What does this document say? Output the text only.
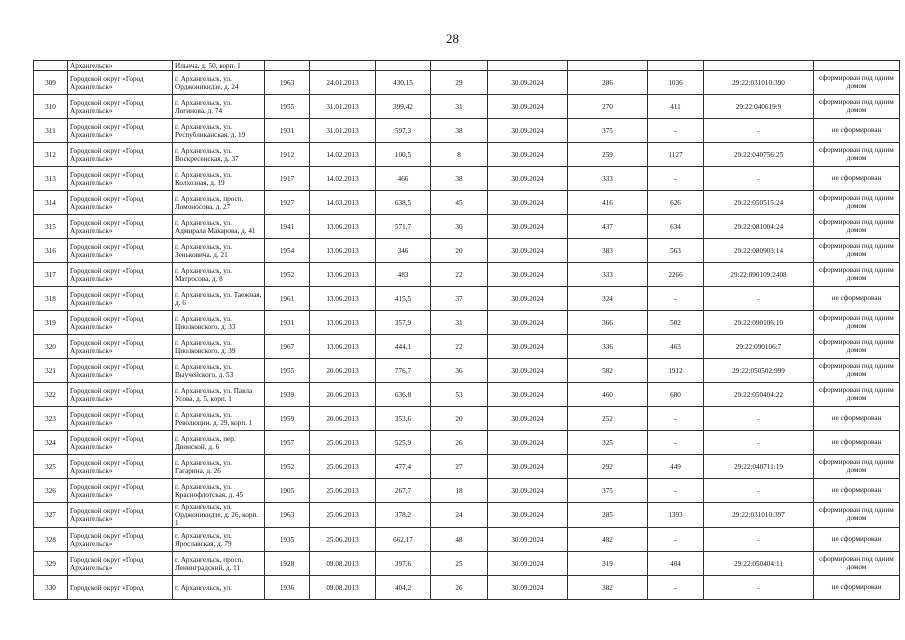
28
	Архангельск»	Ильича, д. 50, корп. 1									
309	Городской округ «Город Архангельск»	г. Архангельск, ул. Орджоникидзе, д. 24	1963	24.01.2013	430,15	29	30.09.2024	286	1036	29:22:031010:390	сформирован под одним домом
310	Городской округ «Город Архангельск»	г. Архангельск, ул. Логинова, д. 74	1955	31.01.2013	399,42	31	30.09.2024	270	411	29:22:040619:9	сформирован под одним домом
311	Городской округ «Город Архангельск»	г. Архангельск, ул. Республиканская, д. 19	1931	31.01.2013	597,3	38	30.09.2024	375	-	-	не сформирован
312	Городской округ «Город Архангельск»	г. Архангельск, ул. Воскресенская, д. 37	1912	14.02.2013	100,5	8	30.09.2024	259	1127	29:22:040756:25	сформирован под одним домом
313	Городской округ «Город Архангельск»	г. Архангельск, ул. Колхозная, д. 19	1917	14.02.2013	466	38	30.09.2024	333	-	-	не сформирован
314	Городской округ «Город Архангельск»	г. Архангельск, просп. Ломоносова, д. 27	1927	14.03.2013	638,5	45	30.09.2024	416	626	29:22:050515:24	сформирован под одним домом
315	Городской округ «Город Архангельск»	г. Архангельск, ул. Адмирала Макарова, д. 41	1941	13.06.2013	571,7	30	30.09.2024	437	634	29:22:081004:24	сформирован под одним домом
316	Городской округ «Город Архангельск»	г. Архангельск, ул. Зеньковича, д. 21	1954	13.06.2013	346	20	30.09.2024	383	563	29:22:080903:14	сформирован под одним домом
317	Городской округ «Город Архангельск»	г. Архангельск, ул. Матросова, д. 8	1952	13.06.2013	483	22	30.09.2024	333	2266	29:22:090109:2408	сформирован под одним домом
318	Городской округ «Город Архангельск»	г. Архангельск, ул. Таежная, д. 6	1961	13.06.2013	415,5	37	30.09.2024	324	-	-	не сформирован
319	Городской округ «Город Архангельск»	г. Архангельск, ул. Циолковского, д. 33	1931	13.06.2013	357,9	31	30.09.2024	366	502	29:22:090106:10	сформирован под одним домом
320	Городской округ «Город Архангельск»	г. Архангельск, ул. Циолковского, д. 39	1967	13.06.2013	444,1	22	30.09.2024	336	463	29:22:090106:7	сформирован под одним домом
321	Городской округ «Город Архангельск»	г. Архангельск, ул. Выучейского, д. 53	1955	20.06.2013	776,7	36	30.09.2024	582	1912	29:22:050502:999	сформирован под одним домом
322	Городской округ «Город Архангельск»	г. Архангельск, ул. Павла Усова, д. 5, корп. 1	1939	20.06.2013	636,8	53	30.09.2024	460	680	29:22:050404:22	сформирован под одним домом
323	Городской округ «Город Архангельск»	г. Архангельск, ул. Революции, д. 29, корп. 1	1959	20.06.2013	353,6	20	30.09.2024	252	-	-	не сформирован
324	Городской округ «Город Архангельск»	г. Архангельск, пер. Двинской, д. 6	1957	25.06.2013	525,9	26	30.09.2024	325	-	-	не сформирован
325	Городской округ «Город Архангельск»	г. Архангельск, ул. Гагарина, д. 26	1952	25.06.2013	477,4	27	30.09.2024	292	449	29:22:040711:19	сформирован под одним домом
326	Городской округ «Город Архангельск»	г. Архангельск, ул. Краснофлотская, д. 45	1905	25.06.2013	267,7	18	30.09.2024	375	-	-	не сформирован
327	Городской округ «Город Архангельск»	г. Архангельск, ул. Орджоникидзе, д. 26, корп. 1	1963	25.06.2013	378,2	24	30.09.2024	285	1393	29:22:031010:397	сформирован под одним домом
328	Городской округ «Город Архангельск»	г. Архангельск, ул. Ярославская, д. 79	1935	25.06.2013	662,17	48	30.09.2024	482	-	-	не сформирован
329	Городской округ «Город Архангельск»	г. Архангельск, просп. Ленинградский, д. 11	1928	09.08.2013	397,6	25	30.09.2024	319	404	29:22:050404:11	сформирован под одним домом
330	Городской округ «Город	г. Архангельск, ул.	1936	09.08.2013	404,2	26	30.09.2024	382	-	-	не сформирован
